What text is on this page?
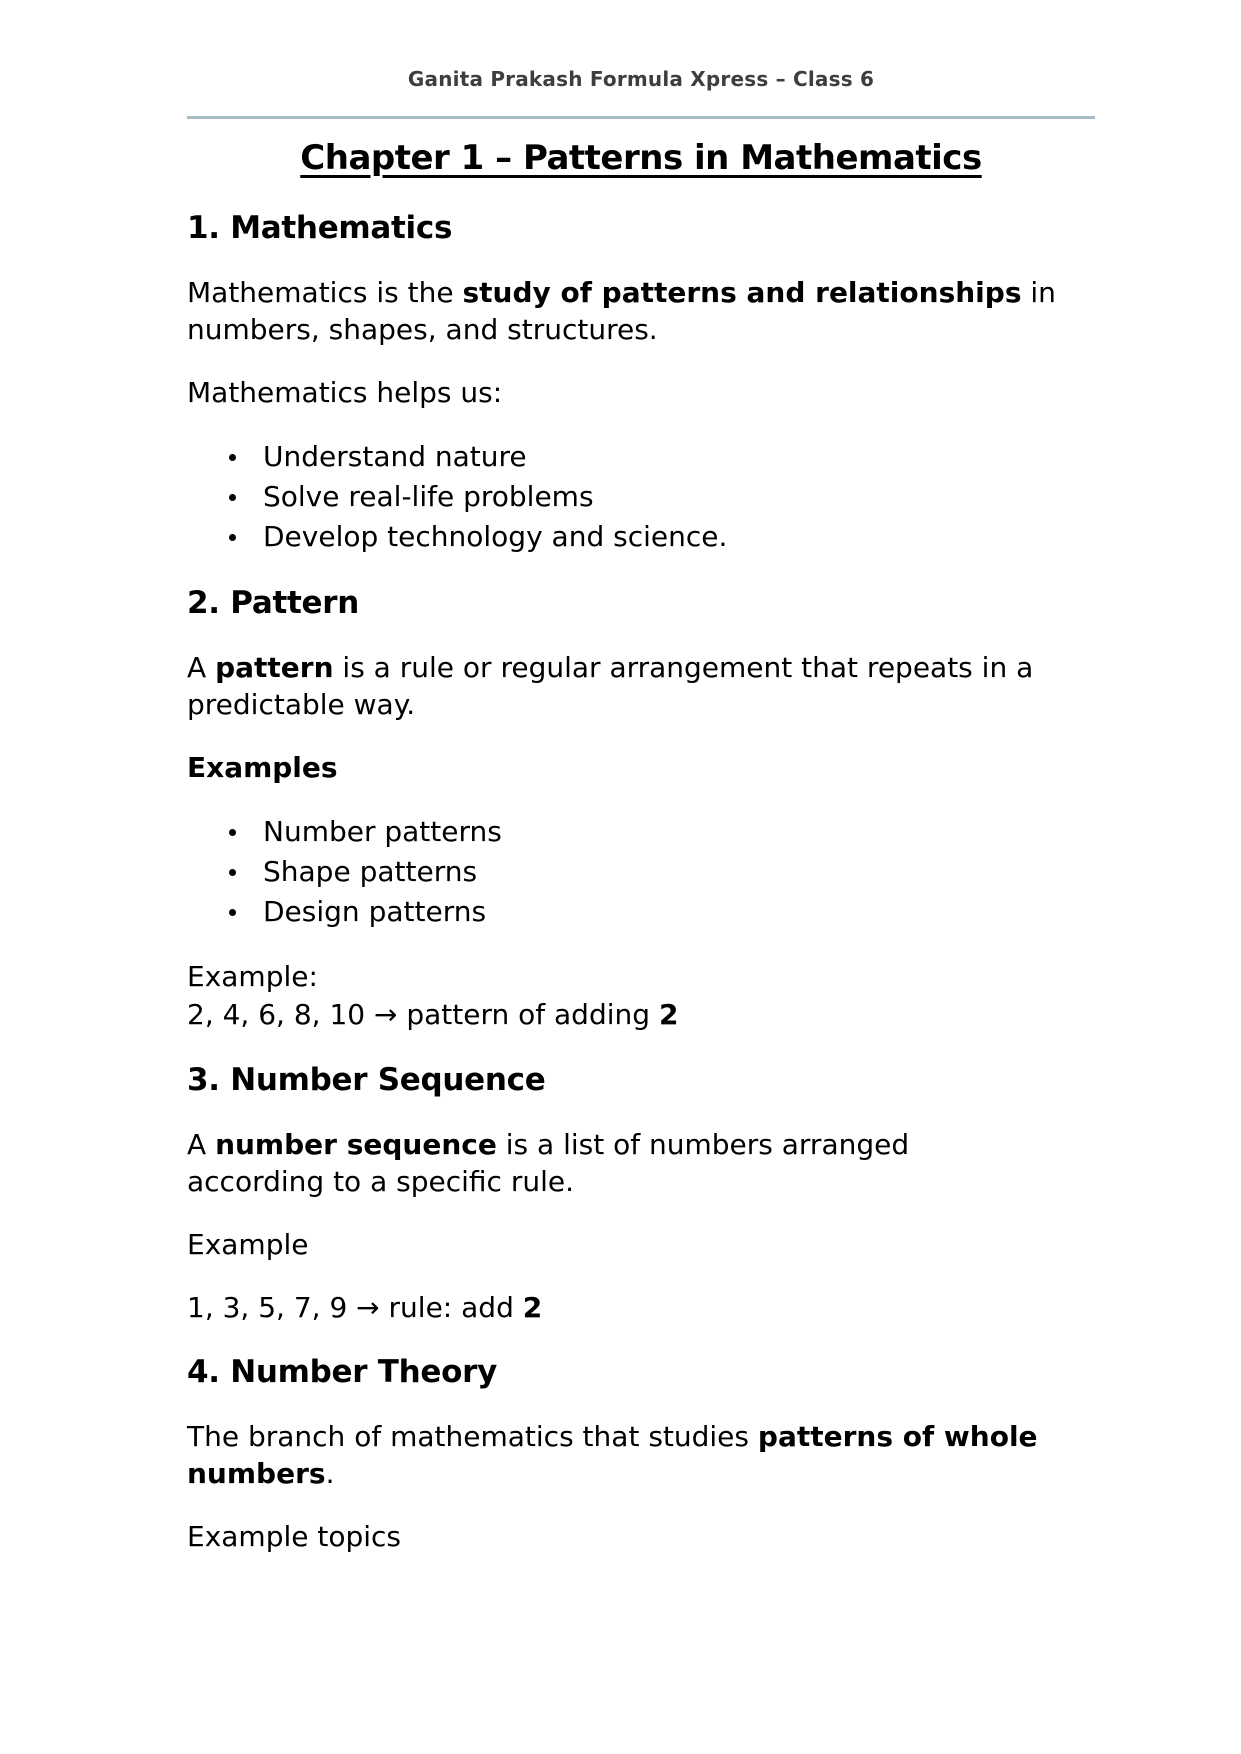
Ganita Prakash Formula Xpress – Class 6
Chapter 1 – Patterns in Mathematics
1. Mathematics

Mathematics is the study of patterns and relationships in
numbers, shapes, and structures.

Mathematics helps us:

Understand nature
Solve real-life problems
Develop technology and science.
2. Pattern

A pattern is a rule or regular arrangement that repeats in a
predictable way.

Examples

Number patterns
Shape patterns
Design patterns

Example:
2, 4, 6, 8, 10 → pattern of adding 2

3. Number Sequence

A number sequence is a list of numbers arranged
according to a specific rule.

Example

1, 3, 5, 7, 9 → rule: add 2

4. Number Theory

The branch of mathematics that studies patterns of whole
numbers.

Example topics
